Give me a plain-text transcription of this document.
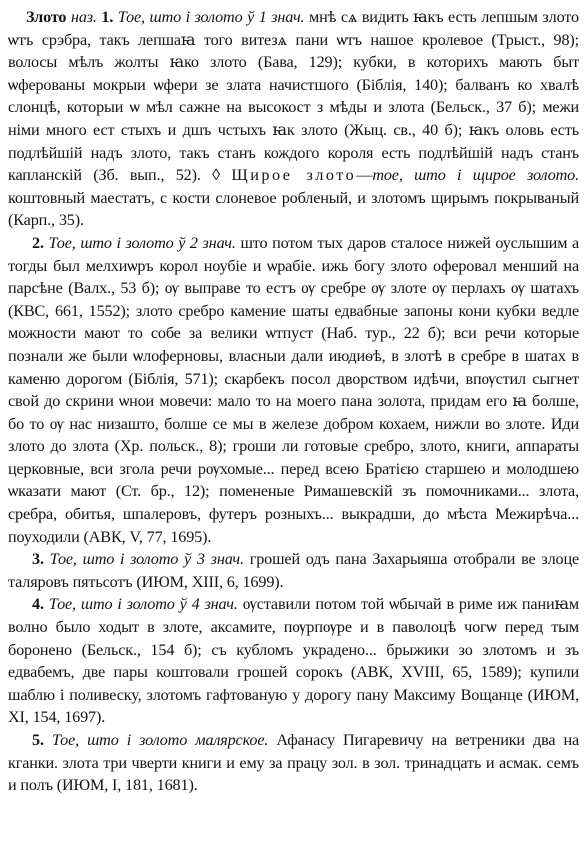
Злото наз. 1. Тое, што і золото ў 1 знач. мнѣ сѧ видить ꙗкъ есть лепшым злото ѡтъ срэбра, такъ лепшаꙗ того витезѧ пани ѡтъ нашое кролевое (Трыст., 98); волосы мѣлъ жолты ꙗко злото (Бава, 129); кубки, в которихъ мають быт ѡферованы мокрыи ѡфери зе злата начистшого (Біблія, 140); балванъ ко хвалѣ слонцѣ, которыи ѡ мѣл сажне на высокост з мѣды и злота (Бельск., 37 б); межи німи много ест стыхъ и дшъ чстыхъ ꙗк злото (Жыц. св., 40 б); ꙗкъ оловь есть подлѣйшій надъ злото, такъ станъ кождого короля есть подлѣйшій надъ станъ капланскій (Зб. вып., 52). ◊ Щирое злото—тое, што і щирое золото. коштовный маестатъ, с кости слоневое робленый, и злотомъ щирымъ покрываный (Карп., 35).

2. Тое, што і золото ў 2 знач. што потом тых даров сталосе нижей оуслышим а тогды был мелхиѡръ корол ноубіе и ѡрабіе. ижь богу злото оферовал менший на парсѣне (Валх., 53 б); ѹ выправе то естъ ѹ сребре ѹ злоте ѹ перлахъ ѹ шатахъ (КВС, 661, 1552); злото сребро камение шаты едвабные запоны кони кубки ведле можности мают то собе за велики ѡтпуст (Наб. тур., 22 б); вси речи которые познали же были ѡлоферновы, власныи дали июдиѳѣ, в злотѣ в сребре в шатах в каменю дорогом (Біблія, 571); скарбекъ посол дворством идѣчи, впѹстил сыгнет свой до скрини ѡнои мовечи: мало то на моего пана золота, придам его ꙗ болше, бо то ѹ нас низашто, болше се мы в железе добром кохаем, нижли во злоте. Иди злото до злота (Хр. польск., 8); гроши ли готовые сребро, злото, книги, аппараты церковные, вси зголa речи рѹхомые... перед всею Братією старшею и молодшею ѡказати мают (Ст. бр., 12); помененые Римашевскій зъ помочниками... злота, сребра, обитья, шпалеровъ, футеръ розныхъ... выкрадши, до мѣста Межирѣча... поуходили (АВК, V, 77, 1695).

3. Тое, што і золото ў 3 знач. грошей одъ пана Захарыяша отобрали ве злоце таляровъ пятьсотъ (ИЮМ, XIII, 6, 1699).

4. Тое, што і золото ў 4 знач. ѹставили потом той ѡбычай в риме иж паниꙗм волно было ходыт в злоте, аксамите, пѹрпѹре и в паволоцѣ чогѡ перед тым боронено (Бельск., 154 б); съ кубломъ украдено... брыжики зо злотомъ и зъ едвабемъ, две пары коштовали грошей сорокъ (АВК, XVIII, 65, 1589); купили шаблю і поливеску, злотомъ гафтованую у дорогу пану Максиму Вощанце (ИЮМ, XI, 154, 1697).

5. Тое, што і золото малярское. Афанасу Пигаревичу на ветреники два на кганки. злота три чверти книги и ему за працу зол. в зол. тринадцать и асмак. семъ и полъ (ИЮМ, I, 181, 1681).
